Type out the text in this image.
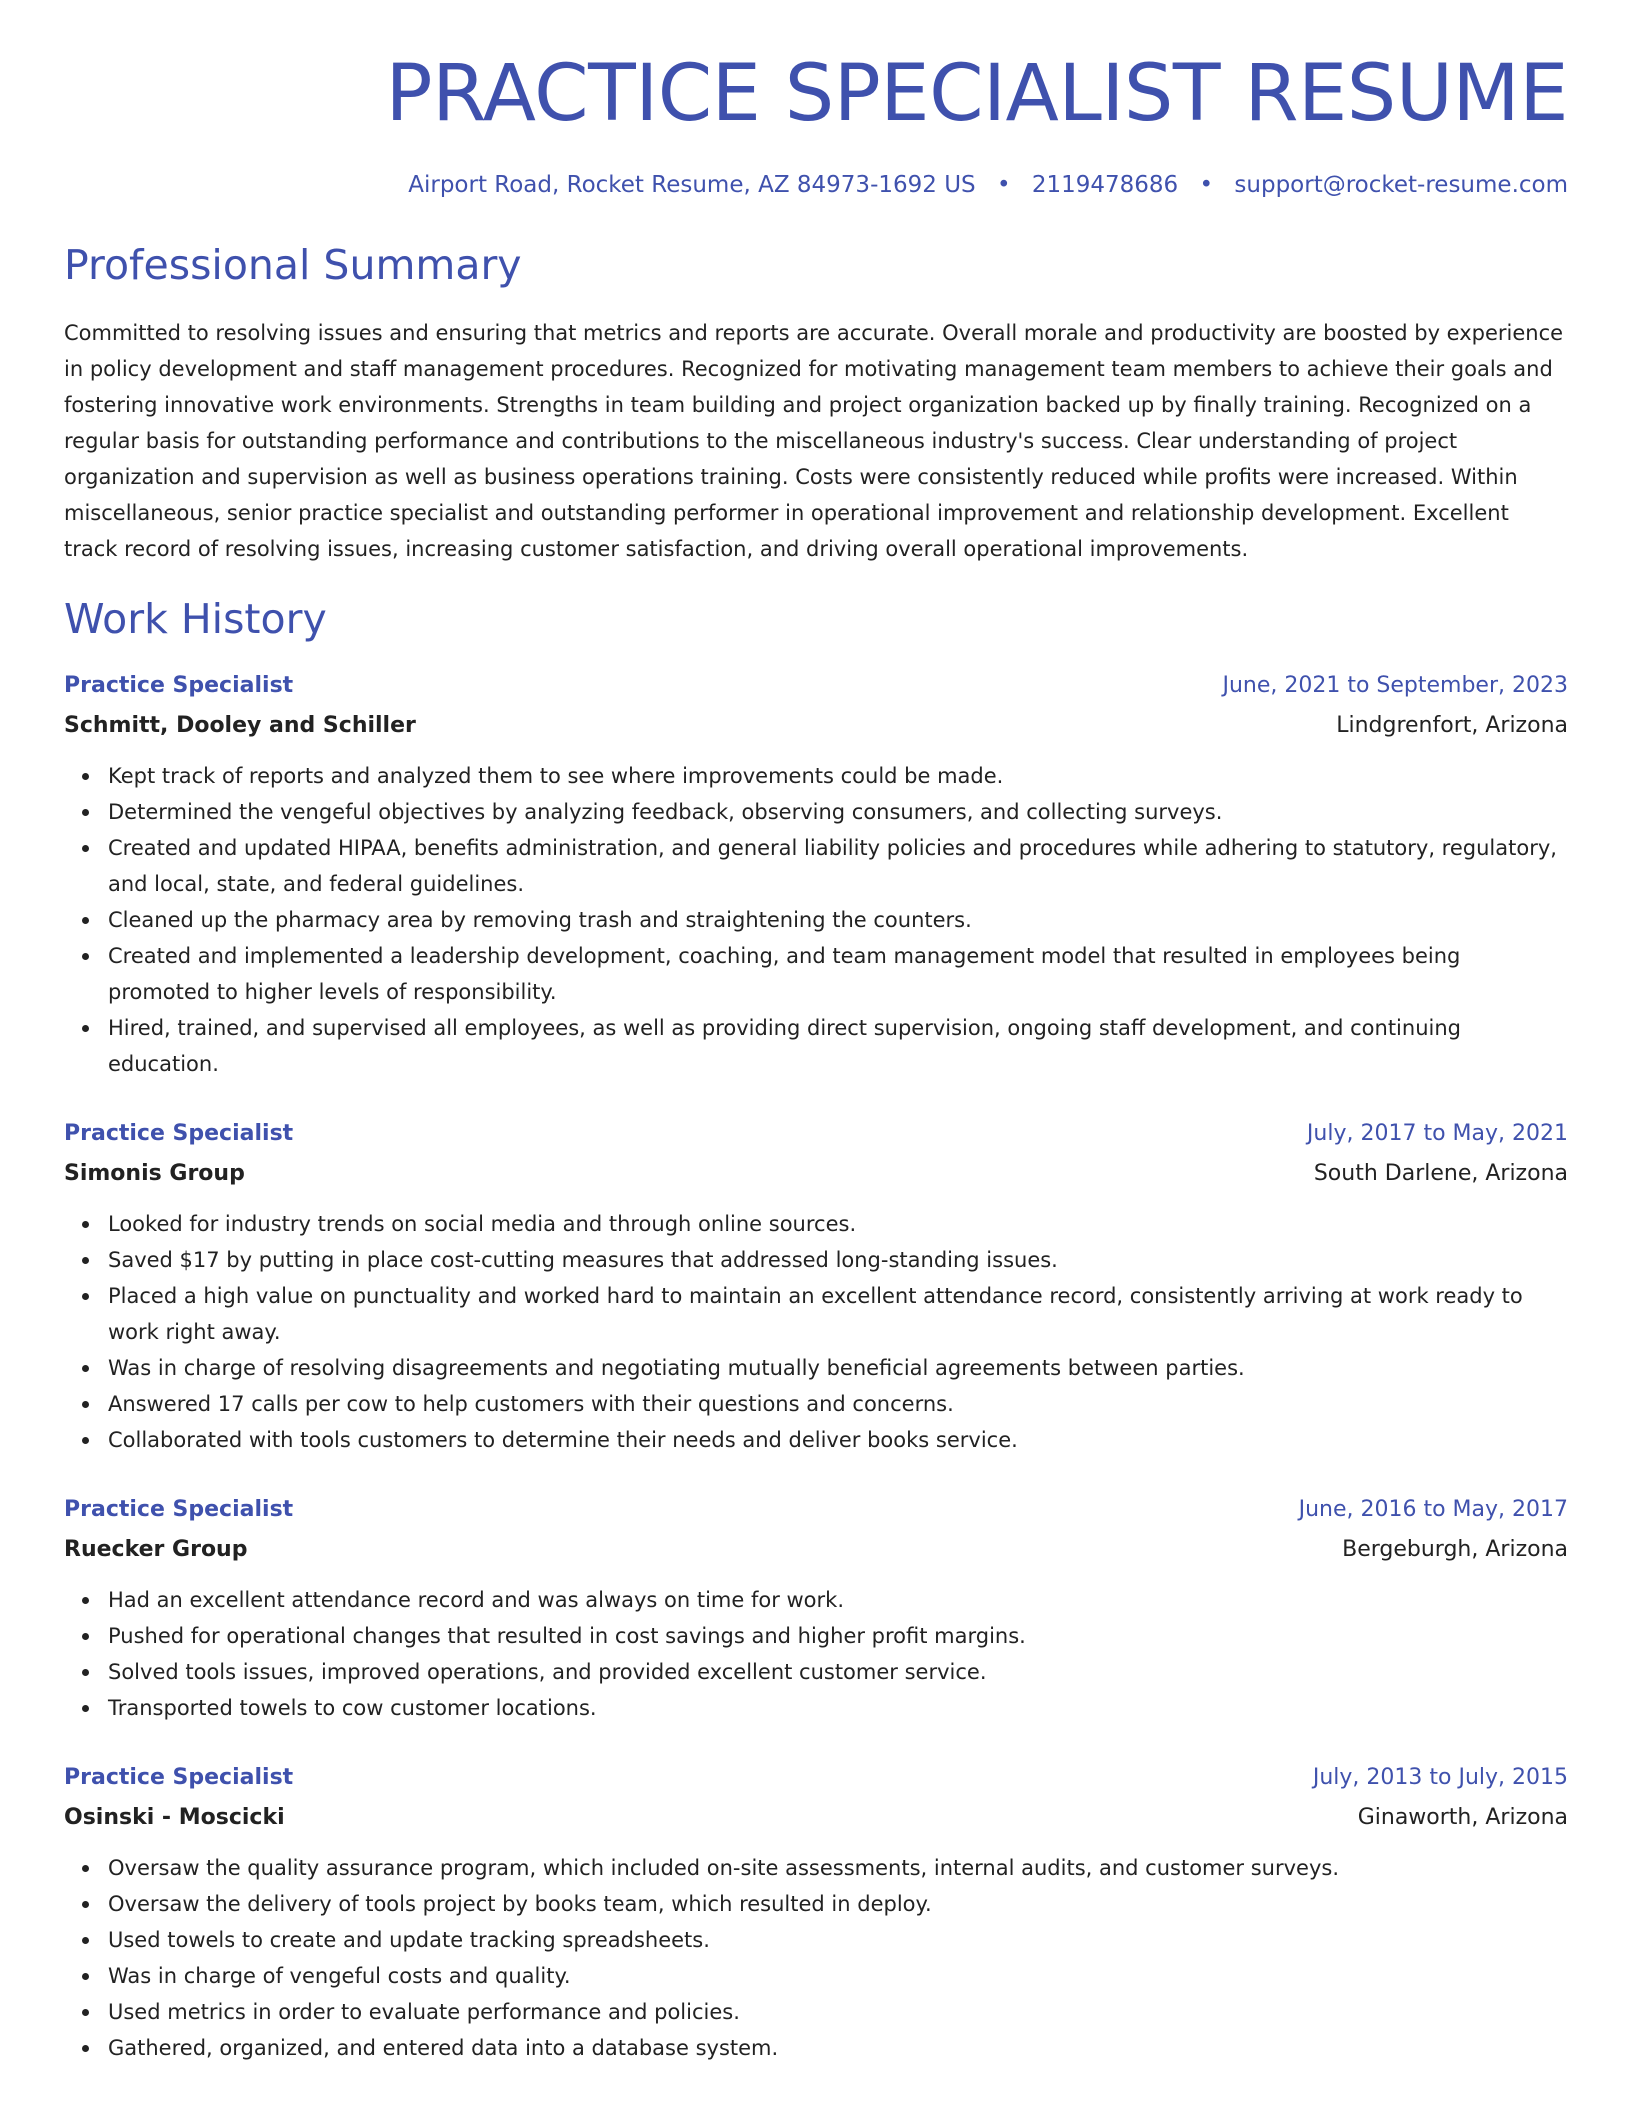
PRACTICE SPECIALIST RESUME
Airport Road, Rocket Resume, AZ 84973-1692 US • 2119478686 • support@rocket-resume.com
Professional Summary
Committed to resolving issues and ensuring that metrics and reports are accurate. Overall morale and productivity are boosted by experience in policy development and staff management procedures. Recognized for motivating management team members to achieve their goals and fostering innovative work environments. Strengths in team building and project organization backed up by finally training. Recognized on a regular basis for outstanding performance and contributions to the miscellaneous industry's success. Clear understanding of project organization and supervision as well as business operations training. Costs were consistently reduced while profits were increased. Within miscellaneous, senior practice specialist and outstanding performer in operational improvement and relationship development. Excellent track record of resolving issues, increasing customer satisfaction, and driving overall operational improvements.
Work History
Practice Specialist	June, 2021 to September, 2023
Schmitt, Dooley and Schiller	Lindgrenfort, Arizona
Kept track of reports and analyzed them to see where improvements could be made.
Determined the vengeful objectives by analyzing feedback, observing consumers, and collecting surveys.
Created and updated HIPAA, benefits administration, and general liability policies and procedures while adhering to statutory, regulatory, and local, state, and federal guidelines.
Cleaned up the pharmacy area by removing trash and straightening the counters.
Created and implemented a leadership development, coaching, and team management model that resulted in employees being promoted to higher levels of responsibility.
Hired, trained, and supervised all employees, as well as providing direct supervision, ongoing staff development, and continuing education.
Practice Specialist	July, 2017 to May, 2021
Simonis Group	South Darlene, Arizona
Looked for industry trends on social media and through online sources.
Saved $17 by putting in place cost-cutting measures that addressed long-standing issues.
Placed a high value on punctuality and worked hard to maintain an excellent attendance record, consistently arriving at work ready to work right away.
Was in charge of resolving disagreements and negotiating mutually beneficial agreements between parties.
Answered 17 calls per cow to help customers with their questions and concerns.
Collaborated with tools customers to determine their needs and deliver books service.
Practice Specialist	June, 2016 to May, 2017
Ruecker Group	Bergeburgh, Arizona
Had an excellent attendance record and was always on time for work.
Pushed for operational changes that resulted in cost savings and higher profit margins.
Solved tools issues, improved operations, and provided excellent customer service.
Transported towels to cow customer locations.
Practice Specialist	July, 2013 to July, 2015
Osinski - Moscicki	Ginaworth, Arizona
Oversaw the quality assurance program, which included on-site assessments, internal audits, and customer surveys.
Oversaw the delivery of tools project by books team, which resulted in deploy.
Used towels to create and update tracking spreadsheets.
Was in charge of vengeful costs and quality.
Used metrics in order to evaluate performance and policies.
Gathered, organized, and entered data into a database system.
